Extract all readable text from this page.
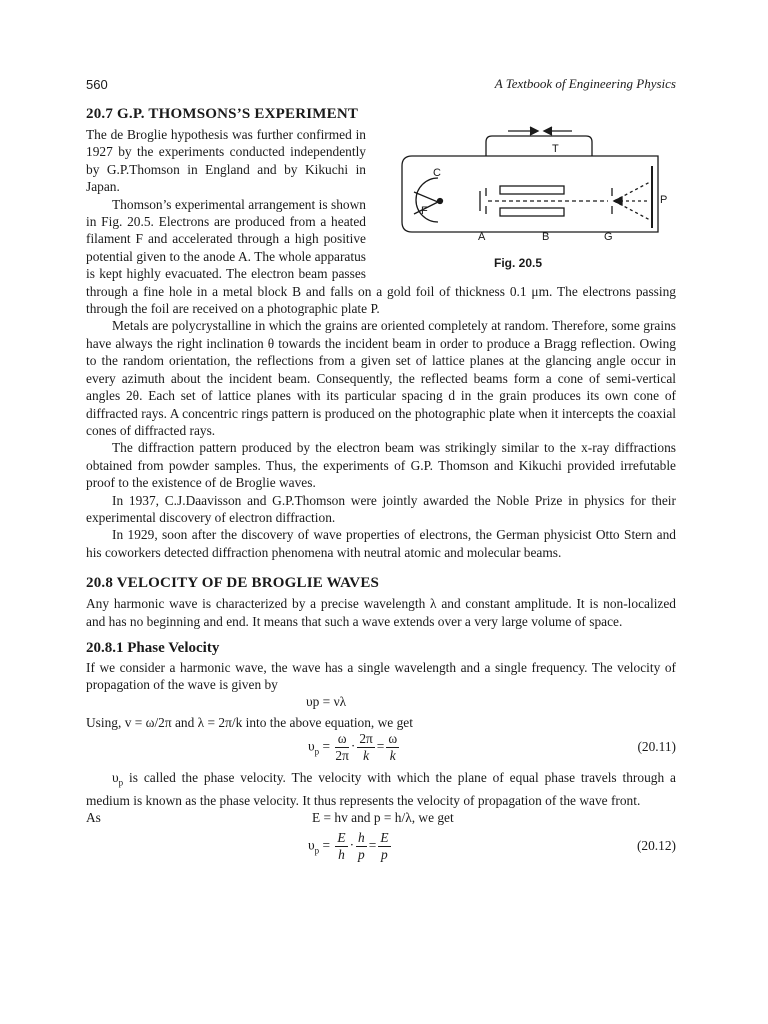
560	A Textbook of Engineering Physics
20.7 G.P. THOMSONS’S EXPERIMENT
T
C
F
P
A	B	G
Fig. 20.5

The de Broglie hypothesis was further confirmed in 1927 by the experiments conducted independently by G.P.Thomson in England and by Kikuchi in Japan.

Thomson’s experimental arrangement is shown in Fig. 20.5. Electrons are produced from a heated filament F and accelerated through a high positive potential given to the anode A. The whole apparatus is kept highly evacuated. The electron beam passes through a fine hole in a metal block B and falls on a gold foil of thickness 0.1 μm. The electrons passing through the foil are received on a photographic plate P.

Metals are polycrystalline in which the grains are oriented completely at random. Therefore, some grains have always the right inclination θ towards the incident beam in order to produce a Bragg reflection. Owing to the random orientation, the reflections from a given set of lattice planes at the glancing angle occur in every azimuth about the incident beam. Consequently, the reflected beams form a cone of semi-vertical angles 2θ. Each set of lattice planes with its particular spacing d in the grain produces its own cone of diffracted rays. A concentric rings pattern is produced on the photographic plate when it intercepts the coaxial cones of diffracted rays.

The diffraction pattern produced by the electron beam was strikingly similar to the x-ray diffractions obtained from powder samples. Thus, the experiments of G.P. Thomson and Kikuchi provided irrefutable proof to the existence of de Broglie waves.

In 1937, C.J.Daavisson and G.P.Thomson were jointly awarded the Noble Prize in physics for their experimental discovery of electron diffraction.

In 1929, soon after the discovery of wave properties of electrons, the German physicist Otto Stern and his coworkers detected diffraction phenomena with neutral atomic and molecular beams.

20.8 VELOCITY OF DE BROGLIE WAVES

Any harmonic wave is characterized by a precise wavelength λ and constant amplitude. It is non-localized and has no beginning and end. It means that such a wave extends over a very large volume of space.

20.8.1 Phase Velocity

If we consider a harmonic wave, the wave has a single wavelength and a single frequency. The velocity of propagation of the wave is given by

υp = νλ

Using, v = ω/2π and λ = 2π/k into the above equation, we get

$\upsilon_p = \frac{\omega}{2\pi} \cdot \frac{2\pi}{k} = \frac{\omega}{k}$	(20.11)

$\upsilon_p$ is called the phase velocity. The velocity with which the plane of equal phase travels through a medium is known as the phase velocity. It thus represents the velocity of propagation of the wave front.

As	E = hv and p = h/λ, we get
$\upsilon_p = \frac{E}{h} \cdot \frac{h}{p} = \frac{E}{p}$	(20.12)
